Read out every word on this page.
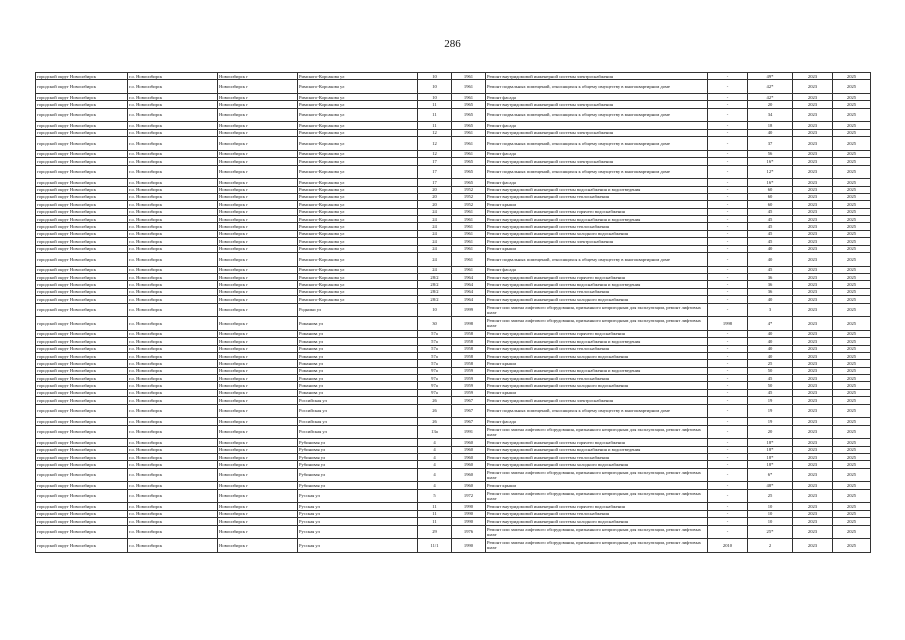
286
городской округ Новосибирск	г.о. Новосибирск	Новосибирск г	Римского-Корсакова ул	10	1961	Ремонт внутридомовой инженерной системы электроснабжения	-	49*	2023	2025
городской округ Новосибирск	г.о. Новосибирск	Новосибирск г	Римского-Корсакова ул	10	1961	Ремонт подвальных помещений, относящихся к общему имуществу в многоквартирном доме	-	42*	2023	2025
городской округ Новосибирск	г.о. Новосибирск	Новосибирск г	Римского-Корсакова ул	10	1961	Ремонт фасада	-	42*	2023	2025
городской округ Новосибирск	г.о. Новосибирск	Новосибирск г	Римского-Корсакова ул	11	1965	Ремонт внутридомовой инженерной системы электроснабжения	-	20	2023	2025
городской округ Новосибирск	г.о. Новосибирск	Новосибирск г	Римского-Корсакова ул	11	1965	Ремонт подвальных помещений, относящихся к общему имуществу в многоквартирном доме	-	34	2023	2025
городской округ Новосибирск	г.о. Новосибирск	Новосибирск г	Римского-Корсакова ул	11	1965	Ремонт фасада	-	18	2023	2025
городской округ Новосибирск	г.о. Новосибирск	Новосибирск г	Римского-Корсакова ул	12	1961	Ремонт внутридомовой инженерной системы электроснабжения	-	40	2023	2025
городской округ Новосибирск	г.о. Новосибирск	Новосибирск г	Римского-Корсакова ул	12	1961	Ремонт подвальных помещений, относящихся к общему имуществу в многоквартирном доме	-	37	2023	2025
городской округ Новосибирск	г.о. Новосибирск	Новосибирск г	Римского-Корсакова ул	12	1961	Ремонт фасада	-	56	2023	2025
городской округ Новосибирск	г.о. Новосибирск	Новосибирск г	Римского-Корсакова ул	17	1965	Ремонт внутридомовой инженерной системы электроснабжения	-	16*	2023	2025
городской округ Новосибирск	г.о. Новосибирск	Новосибирск г	Римского-Корсакова ул	17	1965	Ремонт подвальных помещений, относящихся к общему имуществу в многоквартирном доме	-	12*	2023	2025
городской округ Новосибирск	г.о. Новосибирск	Новосибирск г	Римского-Корсакова ул	17	1965	Ремонт фасада	-	16*	2023	2025
городской округ Новосибирск	г.о. Новосибирск	Новосибирск г	Римского-Корсакова ул	20	1952	Ремонт внутридомовой инженерной системы водоснабжения и водоотведения	-	60	2023	2025
городской округ Новосибирск	г.о. Новосибирск	Новосибирск г	Римского-Корсакова ул	20	1952	Ремонт внутридомовой инженерной системы теплоснабжения	-	60	2023	2025
городской округ Новосибирск	г.о. Новосибирск	Новосибирск г	Римского-Корсакова ул	20	1952	Ремонт крыши	-	60	2023	2025
городской округ Новосибирск	г.о. Новосибирск	Новосибирск г	Римского-Корсакова ул	24	1961	Ремонт внутридомовой инженерной системы горячего водоснабжения	-	45	2023	2025
городской округ Новосибирск	г.о. Новосибирск	Новосибирск г	Римского-Корсакова ул	24	1961	Ремонт внутридомовой инженерной системы водоснабжения и водоотведения	-	45	2023	2025
городской округ Новосибирск	г.о. Новосибирск	Новосибирск г	Римского-Корсакова ул	24	1961	Ремонт внутридомовой инженерной системы теплоснабжения	-	45	2023	2025
городской округ Новосибирск	г.о. Новосибирск	Новосибирск г	Римского-Корсакова ул	24	1961	Ремонт внутридомовой инженерной системы холодного водоснабжения	-	45	2023	2025
городской округ Новосибирск	г.о. Новосибирск	Новосибирск г	Римского-Корсакова ул	24	1961	Ремонт внутридомовой инженерной системы электроснабжения	-	45	2023	2025
городской округ Новосибирск	г.о. Новосибирск	Новосибирск г	Римского-Корсакова ул	24	1961	Ремонт крыши	-	40	2023	2025
городской округ Новосибирск	г.о. Новосибирск	Новосибирск г	Римского-Корсакова ул	24	1961	Ремонт подвальных помещений, относящихся к общему имуществу в многоквартирном доме	-	40	2023	2025
городской округ Новосибирск	г.о. Новосибирск	Новосибирск г	Римского-Корсакова ул	24	1961	Ремонт фасада	-	45	2023	2025
городской округ Новосибирск	г.о. Новосибирск	Новосибирск г	Римского-Корсакова ул	28/2	1964	Ремонт внутридомовой инженерной системы горячего водоснабжения	-	36	2023	2025
городской округ Новосибирск	г.о. Новосибирск	Новосибирск г	Римского-Корсакова ул	28/2	1964	Ремонт внутридомовой инженерной системы водоснабжения и водоотведения	-	36	2023	2025
городской округ Новосибирск	г.о. Новосибирск	Новосибирск г	Римского-Корсакова ул	28/2	1964	Ремонт внутридомовой инженерной системы теплоснабжения	-	36	2023	2025
городской округ Новосибирск	г.о. Новосибирск	Новосибирск г	Римского-Корсакова ул	28/2	1964	Ремонт внутридомовой инженерной системы холодного водоснабжения	-	40	2023	2025
городской округ Новосибирск	г.о. Новосибирск	Новосибирск г	Родники ул	10	1999	Ремонт или замена лифтового оборудования, признанного непригодным для эксплуатации, ремонт лифтовых шахт	-	3	2023	2025
городской округ Новосибирск	г.о. Новосибирск	Новосибирск г	Романова ул	30	1998	Ремонт или замена лифтового оборудования, признанного непригодным для эксплуатации, ремонт лифтовых шахт	1998	4*	2023	2025
городской округ Новосибирск	г.о. Новосибирск	Новосибирск г	Романова ул	57а	1958	Ремонт внутридомовой инженерной системы горячего водоснабжения	-	40	2023	2025
городской округ Новосибирск	г.о. Новосибирск	Новосибирск г	Романова ул	57а	1958	Ремонт внутридомовой инженерной системы водоснабжения и водоотведения	-	40	2023	2025
городской округ Новосибирск	г.о. Новосибирск	Новосибирск г	Романова ул	57а	1958	Ремонт внутридомовой инженерной системы теплоснабжения	-	40	2023	2025
городской округ Новосибирск	г.о. Новосибирск	Новосибирск г	Романова ул	57а	1958	Ремонт внутридомовой инженерной системы холодного водоснабжения	-	40	2023	2025
городской округ Новосибирск	г.о. Новосибирск	Новосибирск г	Романова ул	57а	1958	Ремонт крыши	-	25	2023	2025
городской округ Новосибирск	г.о. Новосибирск	Новосибирск г	Романова ул	97а	1959	Ремонт внутридомовой инженерной системы водоснабжения и водоотведения	-	50	2023	2025
городской округ Новосибирск	г.о. Новосибирск	Новосибирск г	Романова ул	97а	1959	Ремонт внутридомовой инженерной системы теплоснабжения	-	45	2023	2025
городской округ Новосибирск	г.о. Новосибирск	Новосибирск г	Романова ул	97а	1959	Ремонт внутридомовой инженерной системы холодного водоснабжения	-	50	2023	2025
городской округ Новосибирск	г.о. Новосибирск	Новосибирск г	Романова ул	97а	1959	Ремонт крыши	-	45	2023	2025
городской округ Новосибирск	г.о. Новосибирск	Новосибирск г	Российская ул	26	1967	Ремонт внутридомовой инженерной системы электроснабжения	-	19	2023	2025
городской округ Новосибирск	г.о. Новосибирск	Новосибирск г	Российская ул	26	1967	Ремонт подвальных помещений, относящихся к общему имуществу в многоквартирном доме	-	19	2023	2025
городской округ Новосибирск	г.о. Новосибирск	Новосибирск г	Российская ул	26	1967	Ремонт фасада	-	19	2023	2025
городской округ Новосибирск	г.о. Новосибирск	Новосибирск г	Российская ул	13а	1991	Ремонт или замена лифтового оборудования, признанного непригодным для эксплуатации, ремонт лифтовых шахт	-	20	2023	2025
городской округ Новосибирск	г.о. Новосибирск	Новосибирск г	Рубиновая ул	4	1960	Ремонт внутридомовой инженерной системы горячего водоснабжения	-	18*	2023	2025
городской округ Новосибирск	г.о. Новосибирск	Новосибирск г	Рубиновая ул	4	1960	Ремонт внутридомовой инженерной системы водоснабжения и водоотведения	-	18*	2023	2025
городской округ Новосибирск	г.о. Новосибирск	Новосибирск г	Рубиновая ул	4	1960	Ремонт внутридомовой инженерной системы теплоснабжения	-	18*	2023	2025
городской округ Новосибирск	г.о. Новосибирск	Новосибирск г	Рубиновая ул	4	1960	Ремонт внутридомовой инженерной системы холодного водоснабжения	-	18*	2023	2025
городской округ Новосибирск	г.о. Новосибирск	Новосибирск г	Рубиновая ул	4	1960	Ремонт или замена лифтового оборудования, признанного непригодным для эксплуатации, ремонт лифтовых шахт	-	6*	2023	2025
городской округ Новосибирск	г.о. Новосибирск	Новосибирск г	Рубиновая ул	4	1960	Ремонт крыши	-	48*	2023	2025
городской округ Новосибирск	г.о. Новосибирск	Новосибирск г	Русская ул	5	1972	Ремонт или замена лифтового оборудования, признанного непригодным для эксплуатации, ремонт лифтовых шахт	-	25	2023	2025
городской округ Новосибирск	г.о. Новосибирск	Новосибирск г	Русская ул	11	1990	Ремонт внутридомовой инженерной системы горячего водоснабжения	-	10	2023	2025
городской округ Новосибирск	г.о. Новосибирск	Новосибирск г	Русская ул	11	1990	Ремонт внутридомовой инженерной системы теплоснабжения	-	10	2023	2025
городской округ Новосибирск	г.о. Новосибирск	Новосибирск г	Русская ул	11	1990	Ремонт внутридомовой инженерной системы холодного водоснабжения	-	10	2023	2025
городской округ Новосибирск	г.о. Новосибирск	Новосибирск г	Русская ул	29	1976	Ремонт или замена лифтового оборудования, признанного непригодным для эксплуатации, ремонт лифтовых шахт	-	25*	2023	2025
городской округ Новосибирск	г.о. Новосибирск	Новосибирск г	Русская ул	11/1	1990	Ремонт или замена лифтового оборудования, признанного непригодным для эксплуатации, ремонт лифтовых шахт	2010	2	2023	2025
